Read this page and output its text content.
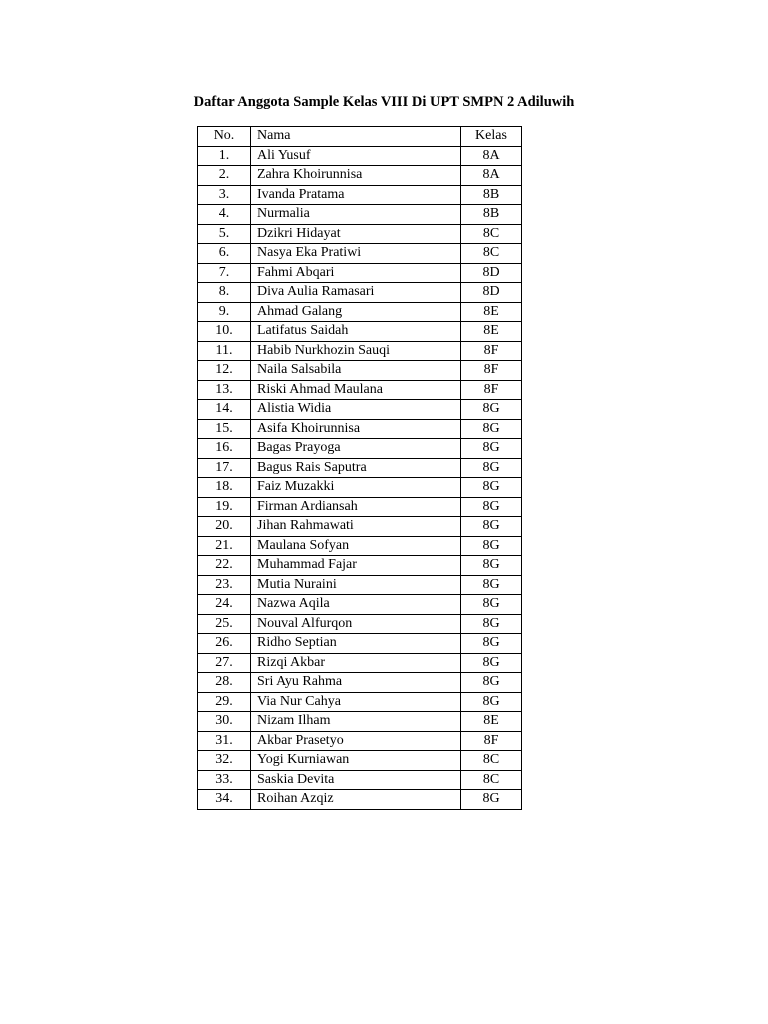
Daftar Anggota Sample Kelas VIII Di UPT SMPN 2 Adiluwih
No.	Nama	Kelas
1.	Ali Yusuf	8A
2.	Zahra Khoirunnisa	8A
3.	Ivanda Pratama	8B
4.	Nurmalia	8B
5.	Dzikri Hidayat	8C
6.	Nasya Eka Pratiwi	8C
7.	Fahmi Abqari	8D
8.	Diva Aulia Ramasari	8D
9.	Ahmad Galang	8E
10.	Latifatus Saidah	8E
11.	Habib Nurkhozin Sauqi	8F
12.	Naila Salsabila	8F
13.	Riski Ahmad Maulana	8F
14.	Alistia Widia	8G
15.	Asifa Khoirunnisa	8G
16.	Bagas Prayoga	8G
17.	Bagus Rais Saputra	8G
18.	Faiz Muzakki	8G
19.	Firman Ardiansah	8G
20.	Jihan Rahmawati	8G
21.	Maulana Sofyan	8G
22.	Muhammad Fajar	8G
23.	Mutia Nuraini	8G
24.	Nazwa Aqila	8G
25.	Nouval Alfurqon	8G
26.	Ridho Septian	8G
27.	Rizqi Akbar	8G
28.	Sri Ayu Rahma	8G
29.	Via Nur Cahya	8G
30.	Nizam Ilham	8E
31.	Akbar Prasetyo	8F
32.	Yogi Kurniawan	8C
33.	Saskia Devita	8C
34.	Roihan Azqiz	8G
